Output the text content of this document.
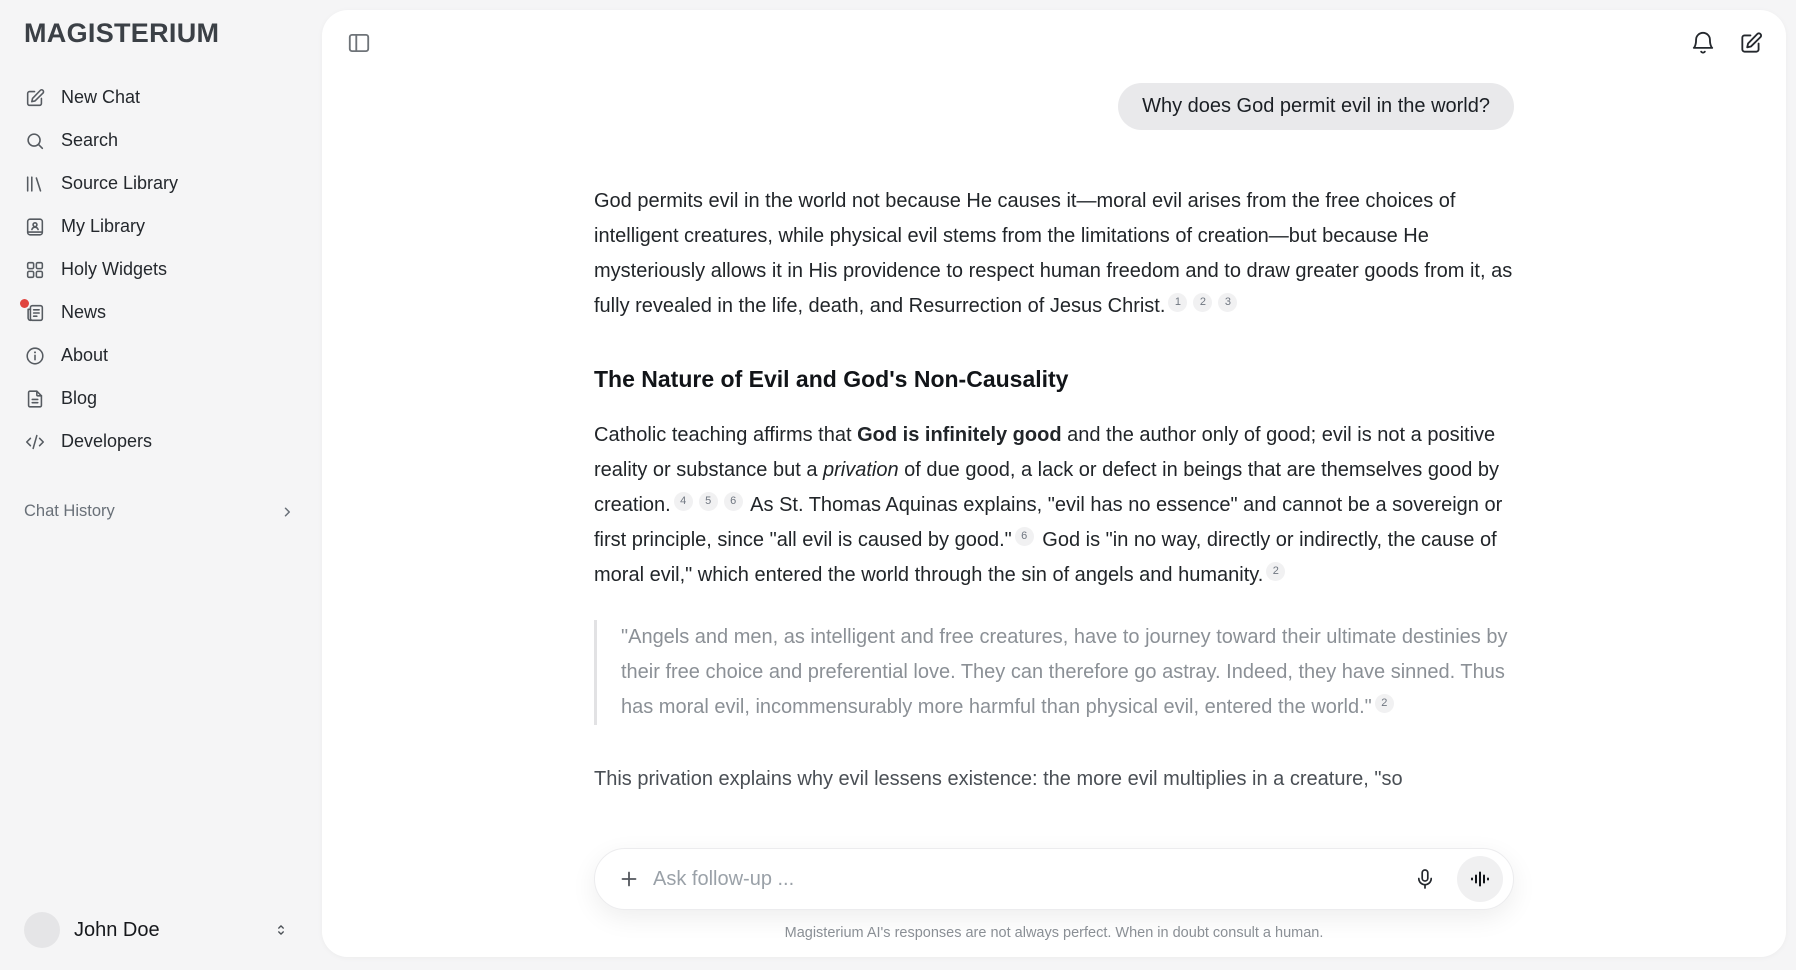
MAGISTERIUM
New Chat
Search
Source Library
My Library
Holy Widgets
News
About
Blog
Developers
Chat History
John Doe
Why does God permit evil in the world?

God permits evil in the world not because He causes it—moral evil arises from the free choices of intelligent creatures, while physical evil stems from the limitations of creation—but because He mysteriously allows it in His providence to respect human freedom and to draw greater goods from it, as fully revealed in the life, death, and Resurrection of Jesus Christ. $^1$ $^2$ $^3$

The Nature of Evil and God's Non-Causality

Catholic teaching affirms that God is infinitely good and the author only of good; evil is not a positive reality or substance but a privation of due good, a lack or defect in beings that are themselves good by creation. $^4$ $^5$ $^6$ As St. Thomas Aquinas explains, "evil has no essence" and cannot be a sovereign or first principle, since "all evil is caused by good." $^6$ God is "in no way, directly or indirectly, the cause of moral evil," which entered the world through the sin of angels and humanity. $^2$

"Angels and men, as intelligent and free creatures, have to journey toward their ultimate destinies by their free choice and preferential love. They can therefore go astray. Indeed, they have sinned. Thus has moral evil, incommensurably more harmful than physical evil, entered the world." $^2$

This privation explains why evil lessens existence: the more evil multiplies in a creature, "so

Ask follow-up ...
Magisterium AI's responses are not always perfect. When in doubt consult a human.
